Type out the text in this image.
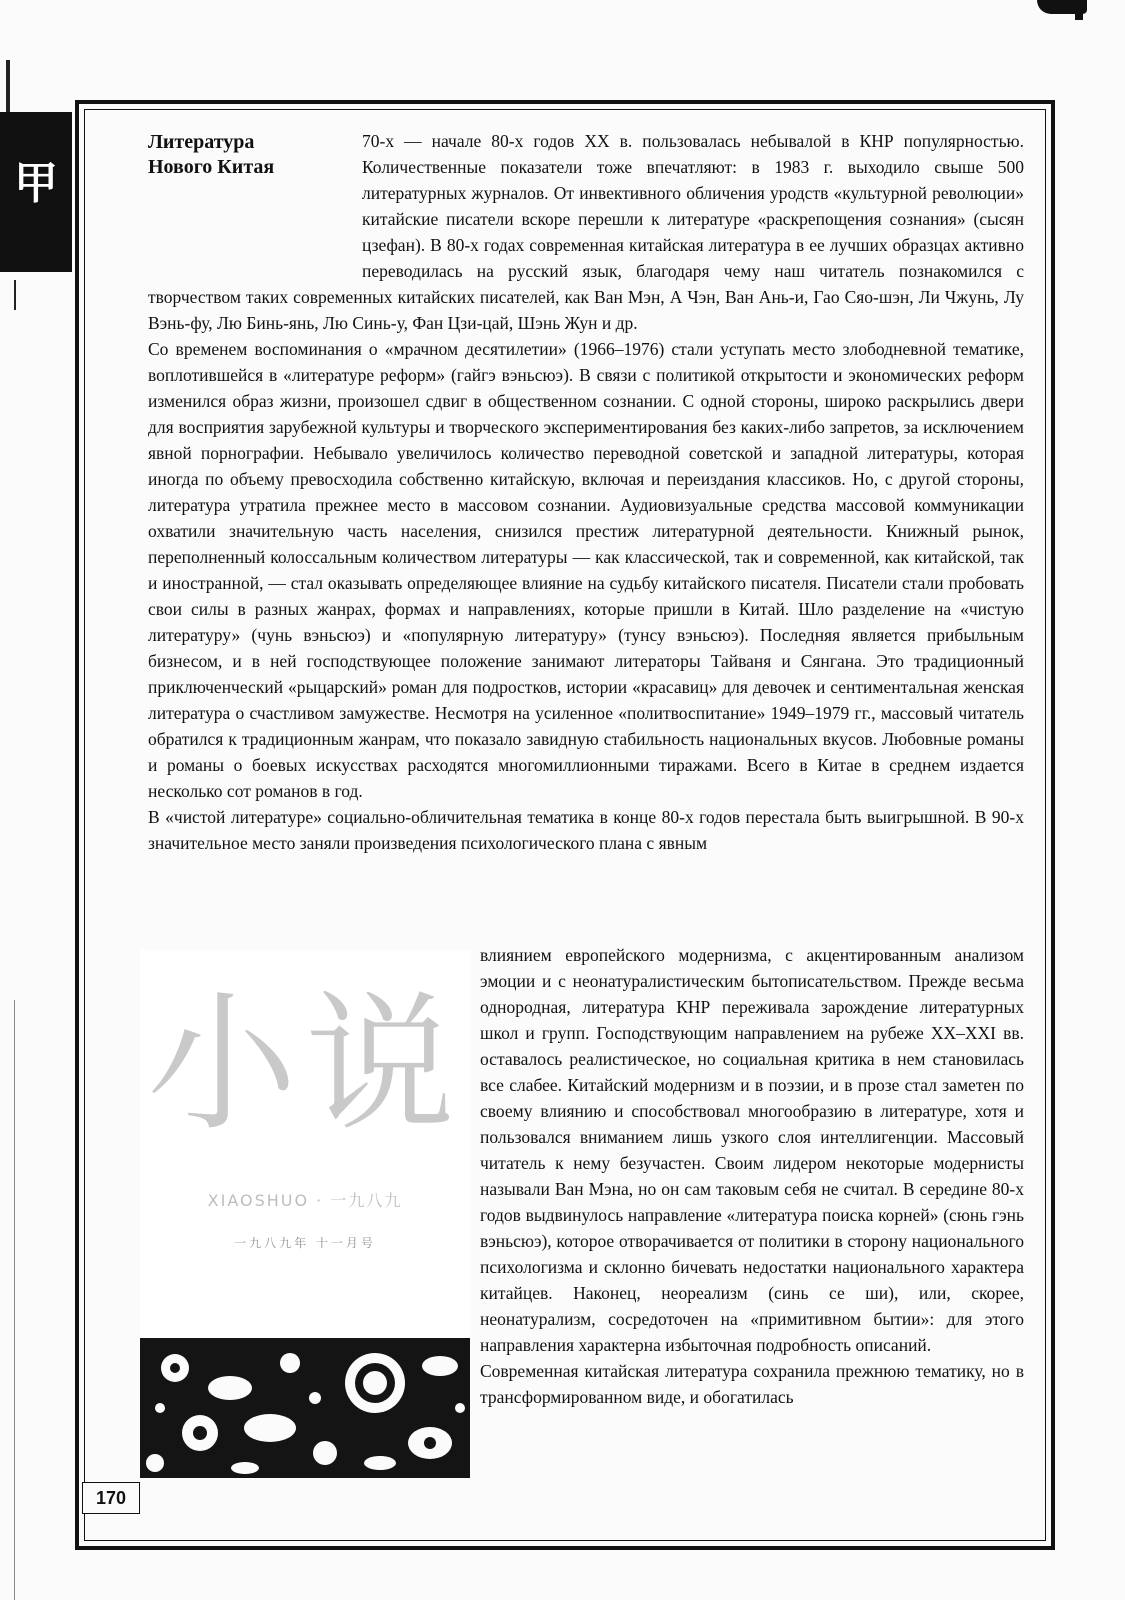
甲
Литература
Нового Китая

70-х — начале 80-х годов XX в. пользовалась небывалой в КНР популярностью. Количественные показатели тоже впечатляют: в 1983 г. выходило свыше 500 литературных журналов. От инвективного обличения уродств «культурной революции» китайские писатели вскоре перешли к литературе «раскрепощения сознания» (сысян цзефан). В 80-х годах современная китайская литература в ее лучших образцах активно переводилась на русский язык, благодаря чему наш читатель познакомился с творчеством таких современных китайских писателей, как Ван Мэн, А Чэн, Ван Ань-и, Гао Сяо-шэн, Ли Чжунь, Лу Вэнь-фу, Лю Бинь-янь, Лю Синь-у, Фан Цзи-цай, Шэнь Жун и др.

Со временем воспоминания о «мрачном десятилетии» (1966–1976) стали уступать место злободневной тематике, воплотившейся в «литературе реформ» (гайгэ вэньсюэ). В связи с политикой открытости и экономических реформ изменился образ жизни, произошел сдвиг в общественном сознании. С одной стороны, широко раскрылись двери для восприятия зарубежной культуры и творческого экспериментирования без каких-либо запретов, за исключением явной порнографии. Небывало увеличилось количество переводной советской и западной литературы, которая иногда по объему превосходила собственно китайскую, включая и переиздания классиков. Но, с другой стороны, литература утратила прежнее место в массовом сознании. Аудиовизуальные средства массовой коммуникации охватили значительную часть населения, снизился престиж литературной деятельности. Книжный рынок, переполненный колоссальным количеством литературы — как классической, так и современной, как китайской, так и иностранной, — стал оказывать определяющее влияние на судьбу китайского писателя. Писатели стали пробовать свои силы в разных жанрах, формах и направлениях, которые пришли в Китай. Шло разделение на «чистую литературу» (чунь вэньсюэ) и «популярную литературу» (тунсу вэньсюэ). Последняя является прибыльным бизнесом, и в ней господствующее положение занимают литераторы Тайваня и Сянгана. Это традиционный приключенческий «рыцарский» роман для подростков, истории «красавиц» для девочек и сентиментальная женская литература о счастливом замужестве. Несмотря на усиленное «политвоспитание» 1949–1979 гг., массовый читатель обратился к традиционным жанрам, что показало завидную стабильность национальных вкусов. Любовные романы и романы о боевых искусствах расходятся многомиллионными тиражами. Всего в Китае в среднем издается несколько сот романов в год.

В «чистой литературе» социально-обличительная тематика в конце 80-х годов перестала быть выигрышной. В 90-х значительное место заняли произведения психологического плана с явным

小说
XIAOSHUO · 一九八九
一九八九年 十一月号

влиянием европейского модернизма, с акцентированным анализом эмоции и с неонатуралистическим бытописательством. Прежде весьма однородная, литература КНР переживала зарождение литературных школ и групп. Господствующим направлением на рубеже XX–XXI вв. оставалось реалистическое, но социальная критика в нем становилась все слабее. Китайский модернизм и в поэзии, и в прозе стал заметен по своему влиянию и способствовал многообразию в литературе, хотя и пользовался вниманием лишь узкого слоя интеллигенции. Массовый читатель к нему безучастен. Своим лидером некоторые модернисты называли Ван Мэна, но он сам таковым себя не считал. В середине 80-х годов выдвинулось направление «литература поиска корней» (сюнь гэнь вэньсюэ), которое отворачивается от политики в сторону национального психологизма и склонно бичевать недостатки национального характера китайцев. Наконец, неореализм (синь се ши), или, скорее, неонатурализм, сосредоточен на «примитивном бытии»: для этого направления характерна избыточная подробность описаний.

Современная китайская литература сохранила прежнюю тематику, но в трансформированном виде, и обогатилась

170
